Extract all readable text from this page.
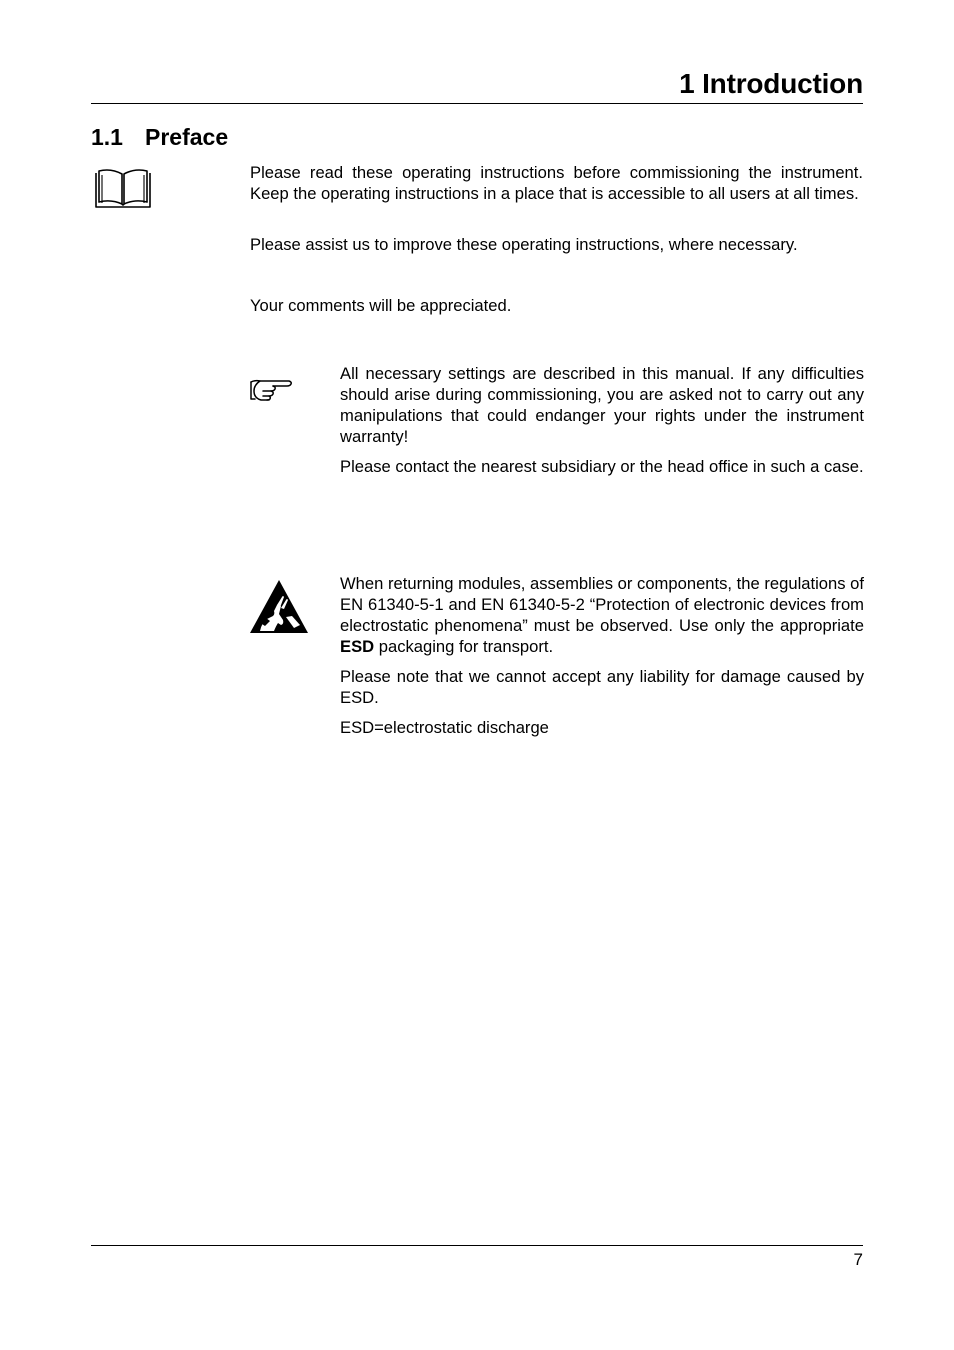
1 Introduction
1.1 Preface

Please read these operating instructions before commissioning the instrument. Keep the operating instructions in a place that is accessible to all users at all times.

Please assist us to improve these operating instructions, where necessary.

Your comments will be appreciated.

All necessary settings are described in this manual. If any difficulties should arise during commissioning, you are asked not to carry out any manipulations that could endanger your rights under the instrument warranty!

Please contact the nearest subsidiary or the head office in such a case.

When returning modules, assemblies or components, the regulations of EN 61340-5-1 and EN 61340-5-2 “Protection of electronic devices from electrostatic phenomena” must be observed. Use only the appropriate ESD packaging for transport.

Please note that we cannot accept any liability for damage caused by ESD.

ESD=electrostatic discharge

7
